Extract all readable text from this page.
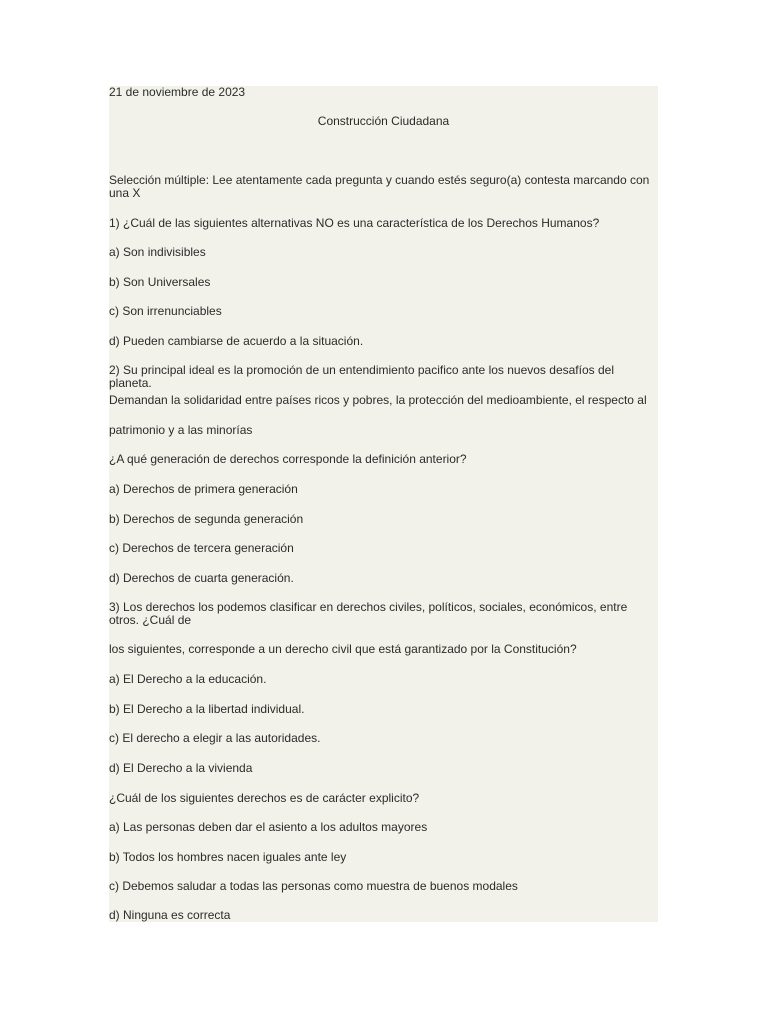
21 de noviembre de 2023
Construcción Ciudadana
Selección múltiple: Lee atentamente cada pregunta y cuando estés seguro(a) contesta marcando con una X
1) ¿Cuál de las siguientes alternativas NO es una característica de los Derechos Humanos?
a) Son indivisibles
b) Son Universales
c) Son irrenunciables
d) Pueden cambiarse de acuerdo a la situación.
2) Su principal ideal es la promoción de un entendimiento pacifico ante los nuevos desafíos del planeta.
Demandan la solidaridad entre países ricos y pobres, la protección del medioambiente, el respecto al
patrimonio y a las minorías
¿A qué generación de derechos corresponde la definición anterior?
a) Derechos de primera generación
b) Derechos de segunda generación
c) Derechos de tercera generación
d) Derechos de cuarta generación.
3) Los derechos los podemos clasificar en derechos civiles, políticos, sociales, económicos, entre otros. ¿Cuál de
los siguientes, corresponde a un derecho civil que está garantizado por la Constitución?
a) El Derecho a la educación.
b) El Derecho a la libertad individual.
c) El derecho a elegir a las autoridades.
d) El Derecho a la vivienda
¿Cuál de los siguientes derechos es de carácter explicito?
a) Las personas deben dar el asiento a los adultos mayores
b) Todos los hombres nacen iguales ante ley
c) Debemos saludar a todas las personas como muestra de buenos modales
d) Ninguna es correcta
